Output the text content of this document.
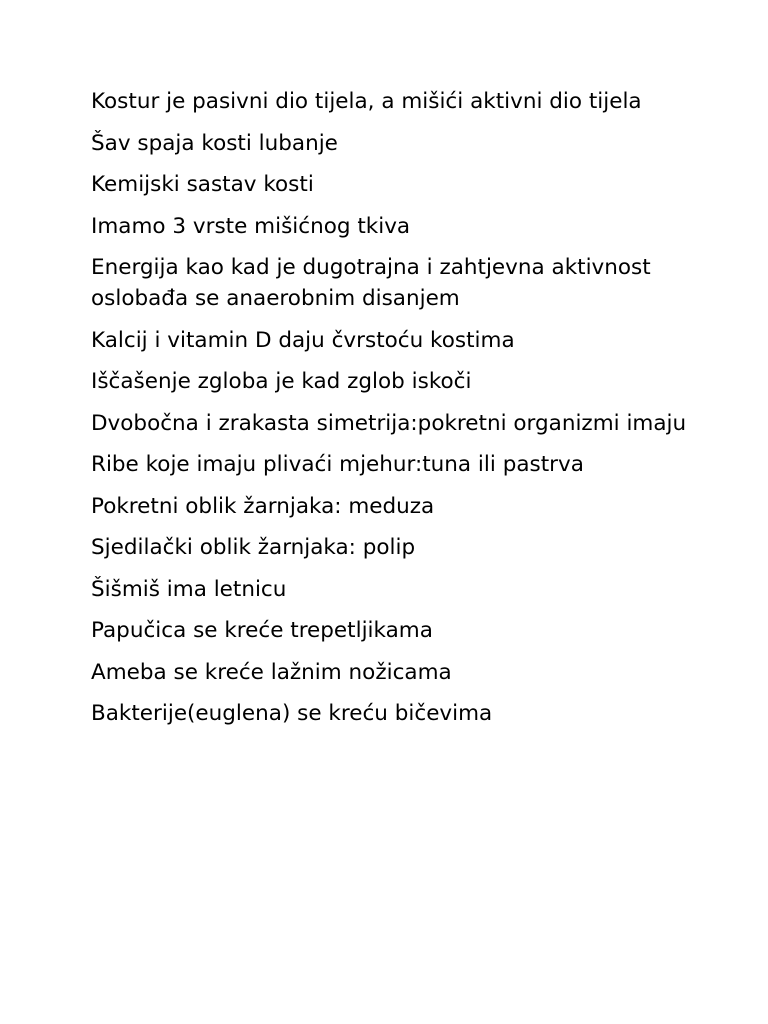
Kostur je pasivni dio tijela, a mišići aktivni dio tijela

Šav spaja kosti lubanje

Kemijski sastav kosti

Imamo 3 vrste mišićnog tkiva

Energija kao kad je dugotrajna i zahtjevna aktivnost oslobađa se anaerobnim disanjem

Kalcij i vitamin D daju čvrstoću kostima

Iščašenje zgloba je kad zglob iskoči

Dvobočna i zrakasta simetrija:pokretni organizmi imaju

Ribe koje imaju plivaći mjehur:tuna ili pastrva

Pokretni oblik žarnjaka: meduza

Sjedilački oblik žarnjaka: polip

Šišmiš ima letnicu

Papučica se kreće trepetljikama

Ameba se kreće lažnim nožicama

Bakterije(euglena) se kreću bičevima
